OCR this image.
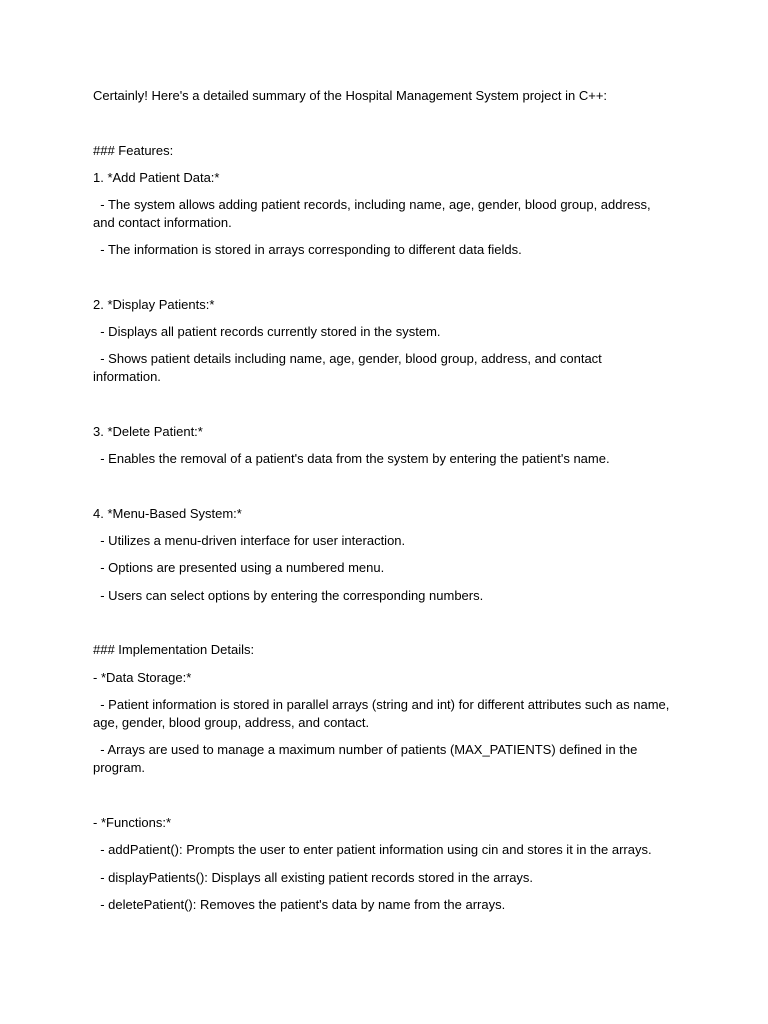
Certainly! Here's a detailed summary of the Hospital Management System project in C++:

### Features:

1. *Add Patient Data:*

- The system allows adding patient records, including name, age, gender, blood group, address, and contact information.

- The information is stored in arrays corresponding to different data fields.

2. *Display Patients:*

- Displays all patient records currently stored in the system.

- Shows patient details including name, age, gender, blood group, address, and contact information.

3. *Delete Patient:*

- Enables the removal of a patient's data from the system by entering the patient's name.

4. *Menu-Based System:*

- Utilizes a menu-driven interface for user interaction.

- Options are presented using a numbered menu.

- Users can select options by entering the corresponding numbers.

### Implementation Details:

- *Data Storage:*

- Patient information is stored in parallel arrays (string and int) for different attributes such as name, age, gender, blood group, address, and contact.

- Arrays are used to manage a maximum number of patients (MAX_PATIENTS) defined in the program.

- *Functions:*

- addPatient(): Prompts the user to enter patient information using cin and stores it in the arrays.

- displayPatients(): Displays all existing patient records stored in the arrays.

- deletePatient(): Removes the patient's data by name from the arrays.
